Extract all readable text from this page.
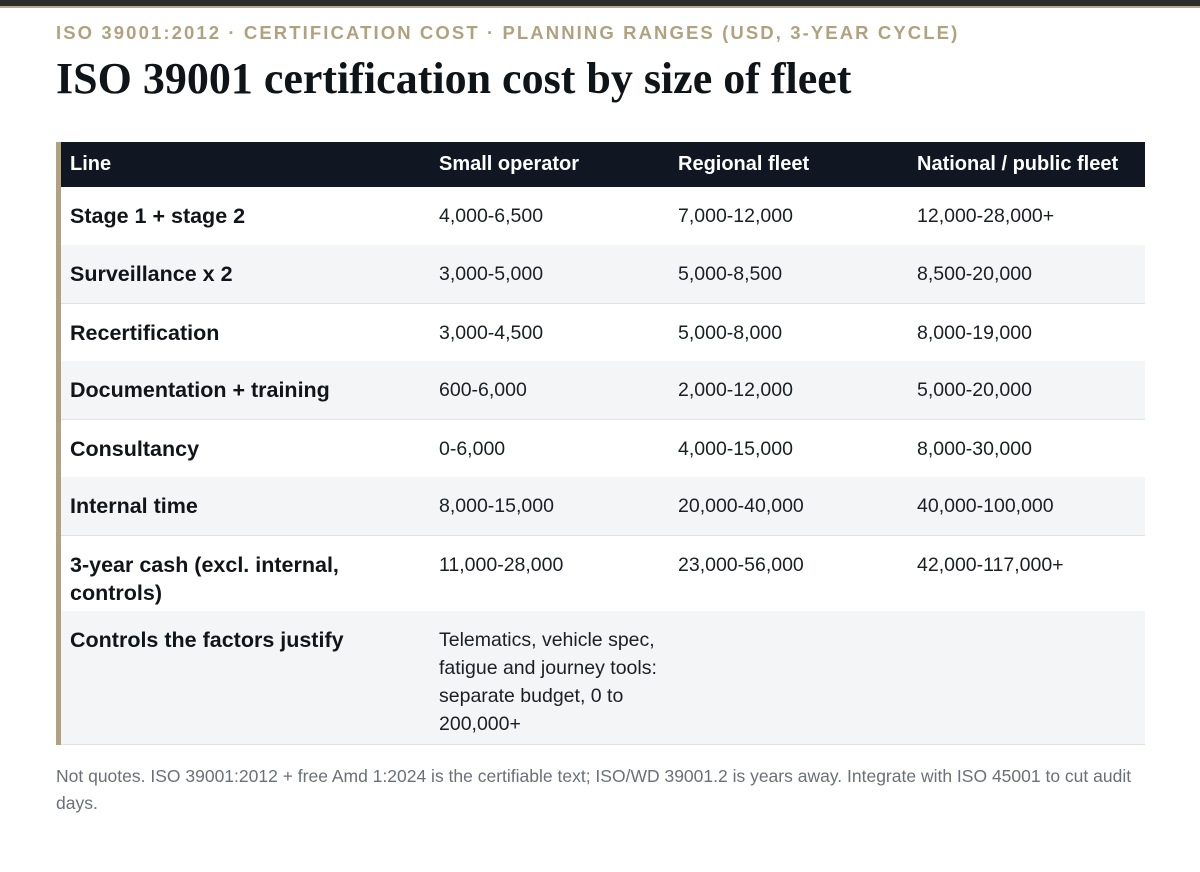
ISO 39001:2012 · CERTIFICATION COST · PLANNING RANGES (USD, 3-YEAR CYCLE)
ISO 39001 certification cost by size of fleet
Line	Small operator	Regional fleet	National / public fleet
Stage 1 + stage 2	4,000-6,500	7,000-12,000	12,000-28,000+
Surveillance x 2	3,000-5,000	5,000-8,500	8,500-20,000
Recertification	3,000-4,500	5,000-8,000	8,000-19,000
Documentation + training	600-6,000	2,000-12,000	5,000-20,000
Consultancy	0-6,000	4,000-15,000	8,000-30,000
Internal time	8,000-15,000	20,000-40,000	40,000-100,000
3-year cash (excl. internal, controls)	11,000-28,000	23,000-56,000	42,000-117,000+
Controls the factors justify	Telematics, vehicle spec, fatigue and journey tools: separate budget, 0 to 200,000+		
Not quotes. ISO 39001:2012 + free Amd 1:2024 is the certifiable text; ISO/WD 39001.2 is years away. Integrate with ISO 45001 to cut audit days.
